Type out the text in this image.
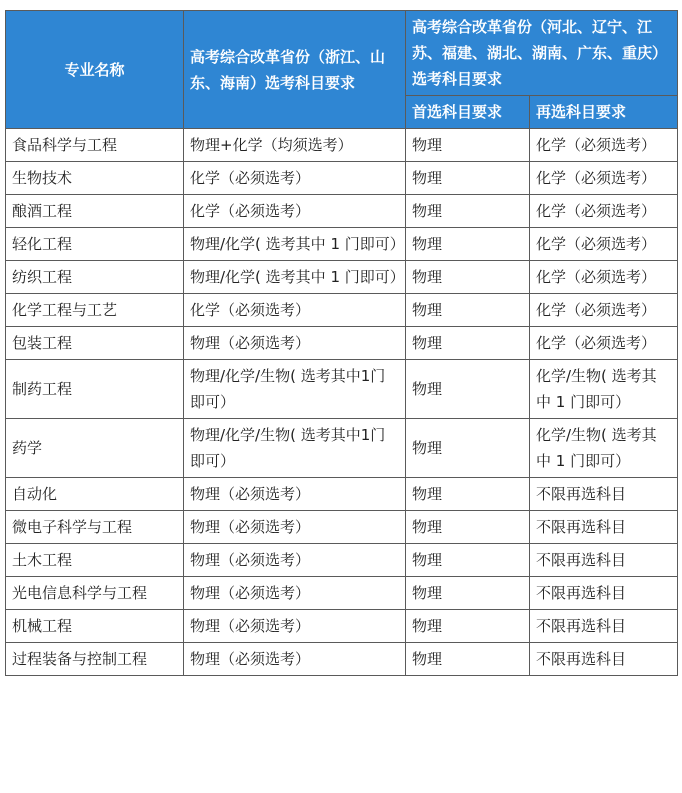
专业名称	高考综合改革省份（浙江、山东、海南）选考科目要求	高考综合改革省份（河北、辽宁、江苏、福建、湖北、湖南、广东、重庆）选考科目要求	
		首选科目要求	再选科目要求
食品科学与工程	物理+化学（均须选考）	物理	化学（必须选考）
生物技术	化学（必须选考）	物理	化学（必须选考）
酿酒工程	化学（必须选考）	物理	化学（必须选考）
轻化工程	物理/化学( 选考其中 1 门即可）	物理	化学（必须选考）
纺织工程	物理/化学( 选考其中 1 门即可）	物理	化学（必须选考）
化学工程与工艺	化学（必须选考）	物理	化学（必须选考）
包装工程	物理（必须选考）	物理	化学（必须选考）
制药工程	物理/化学/生物( 选考其中1门即可）	物理	化学/生物( 选考其中 1 门即可）
药学	物理/化学/生物( 选考其中1门即可）	物理	化学/生物( 选考其中 1 门即可）
自动化	物理（必须选考）	物理	不限再选科目
微电子科学与工程	物理（必须选考）	物理	不限再选科目
土木工程	物理（必须选考）	物理	不限再选科目
光电信息科学与工程	物理（必须选考）	物理	不限再选科目
机械工程	物理（必须选考）	物理	不限再选科目
过程装备与控制工程	物理（必须选考）	物理	不限再选科目
